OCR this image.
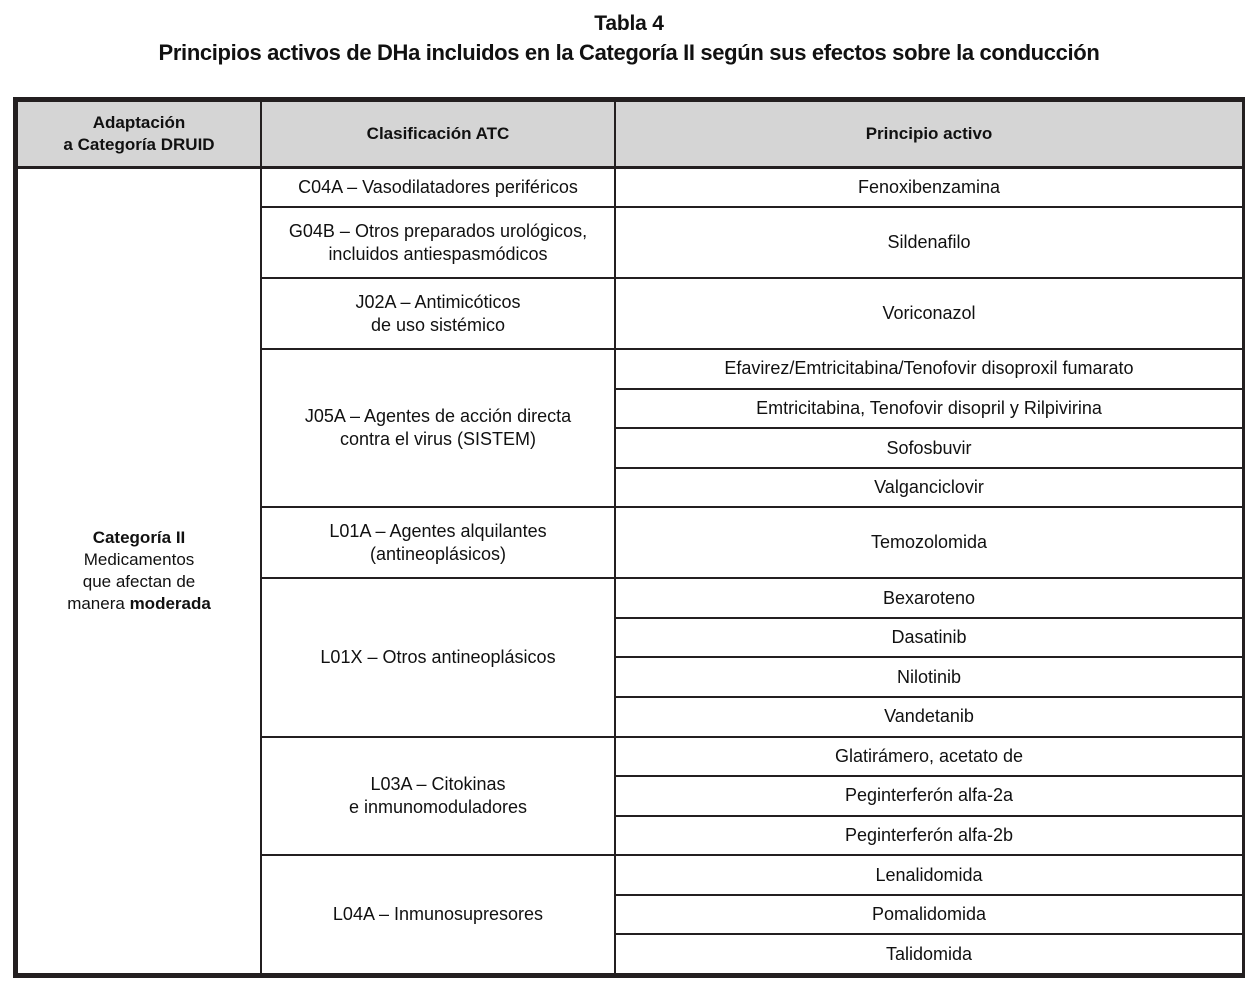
Tabla 4
Principios activos de DHa incluidos en la Categoría II según sus efectos sobre la conducción
Adaptación
a Categoría DRUID	Clasificación ATC	Principio activo

Categoría II
Medicamentos
que afectan de
manera moderada	C04A – Vasodilatadores periféricos	Fenoxibenzamina

	G04B – Otros preparados urológicos,
incluidos antiespasmódicos	Sildenafilo

	J02A – Antimicóticos
de uso sistémico	Voriconazol

	J05A – Agentes de acción directa
contra el virus (SISTEM)	Efavirez/Emtricitabina/Tenofovir disoproxil fumarato
		Emtricitabina, Tenofovir disopril y Rilpivirina
		Sofosbuvir
		Valganciclovir

	L01A – Agentes alquilantes
(antineoplásicos)	Temozolomida

	L01X – Otros antineoplásicos	Bexaroteno
		Dasatinib
		Nilotinib
		Vandetanib

	L03A – Citokinas
e inmunomoduladores	Glatirámero, acetato de
		Peginterferón alfa-2a
		Peginterferón alfa-2b

	L04A – Inmunosupresores	Lenalidomida
		Pomalidomida
		Talidomida
